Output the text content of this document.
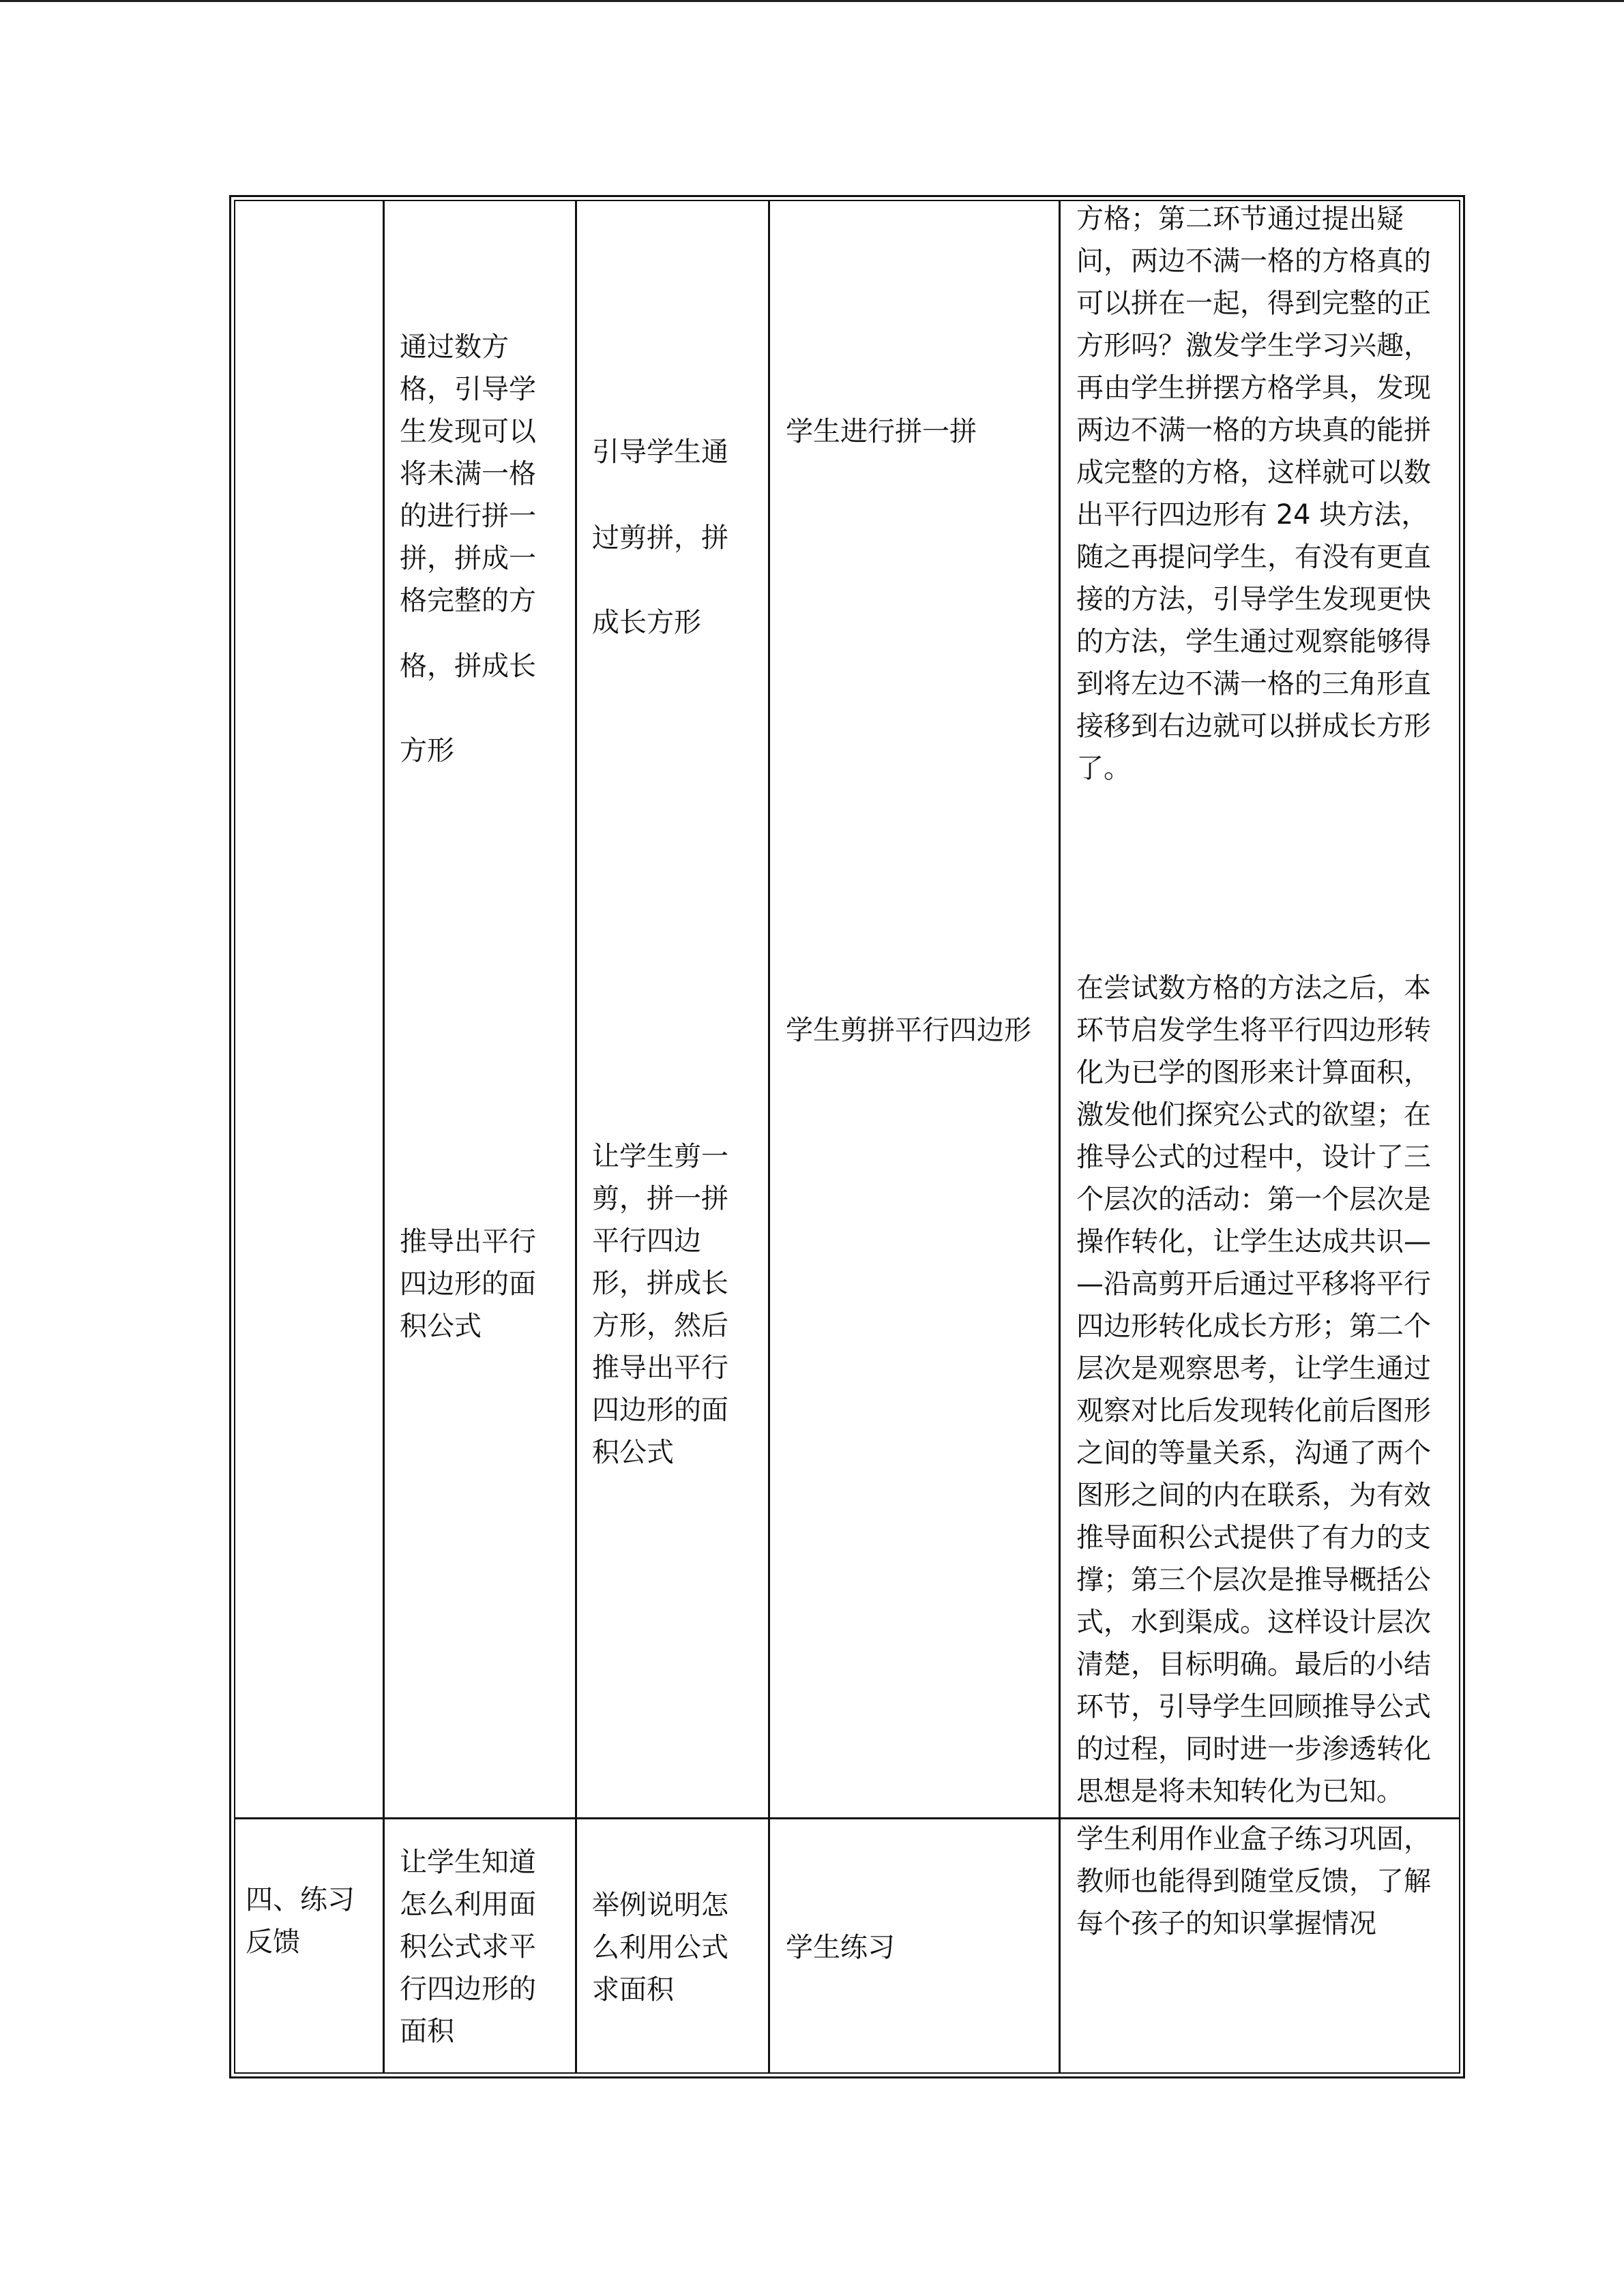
通过数方
格，引导学
生发现可以
将未满一格
的进行拼一
拼，拼成一
格完整的方
格，拼成长

方形
引导学生通
过剪拼，拼

成长方形
学生进行拼一拼
方格；第二环节通过提出疑
问，两边不满一格的方格真的
可以拼在一起，得到完整的正
方形吗？激发学生学习兴趣，
再由学生拼摆方格学具，发现
两边不满一格的方块真的能拼
成完整的方格，这样就可以数
出平行四边形有 24 块方法，
随之再提问学生，有没有更直
接的方法，引导学生发现更快
的方法，学生通过观察能够得
到将左边不满一格的三角形直
接移到右边就可以拼成长方形
了。
推导出平行
四边形的面
积公式
让学生剪一
剪，拼一拼
平行四边
形，拼成长
方形，然后
推导出平行
四边形的面
积公式
学生剪拼平行四边形
在尝试数方格的方法之后，本
环节启发学生将平行四边形转
化为已学的图形来计算面积，
激发他们探究公式的欲望；在
推导公式的过程中，设计了三
个层次的活动：第一个层次是
操作转化，让学生达成共识—
—沿高剪开后通过平移将平行
四边形转化成长方形；第二个
层次是观察思考，让学生通过
观察对比后发现转化前后图形
之间的等量关系，沟通了两个
图形之间的内在联系，为有效
推导面积公式提供了有力的支
撑；第三个层次是推导概括公
式，水到渠成。这样设计层次
清楚，目标明确。最后的小结
环节，引导学生回顾推导公式
的过程，同时进一步渗透转化
思想是将未知转化为已知。
四、练习
反馈
让学生知道
怎么利用面
积公式求平
行四边形的
面积
举例说明怎
么利用公式
求面积
学生练习
学生利用作业盒子练习巩固，
教师也能得到随堂反馈，了解
每个孩子的知识掌握情况
